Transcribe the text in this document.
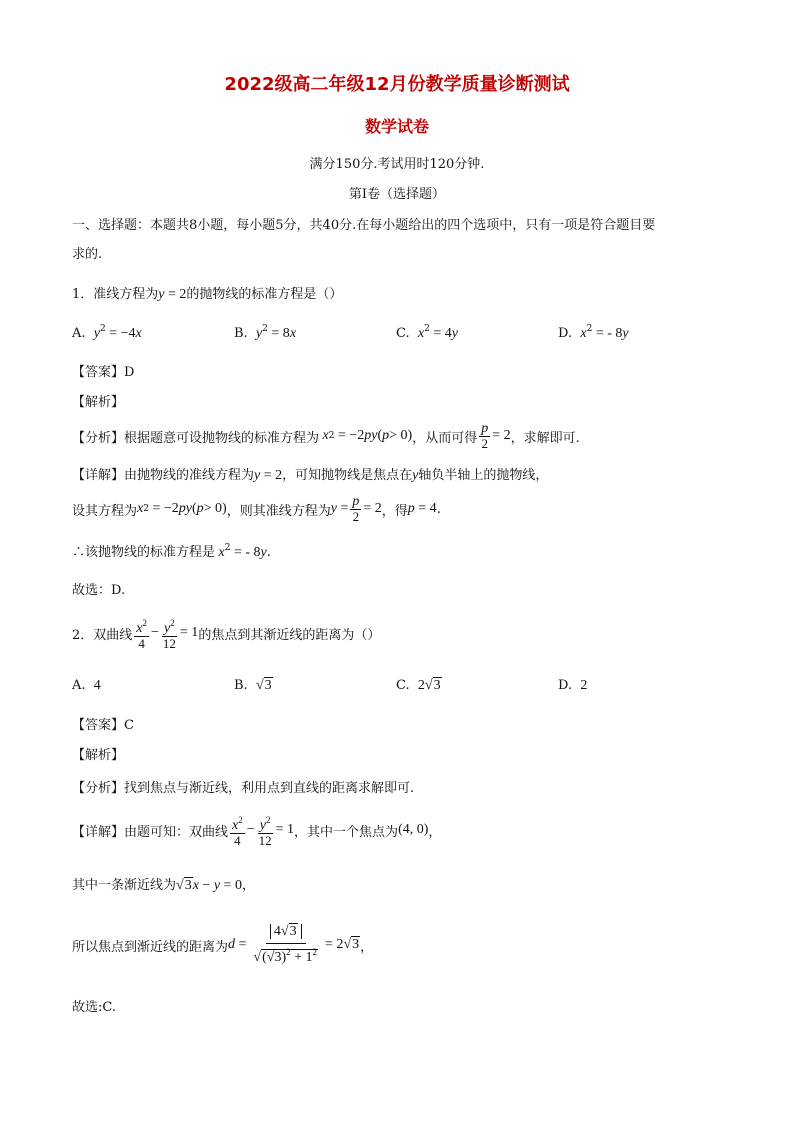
2022级高二年级12月份教学质量诊断测试
数学试卷
满分150分.考试用时120分钟.
第I卷（选择题）
一、选择题：本题共8小题，每小题5分，共40分.在每小题给出的四个选项中，只有一项是符合题目要
求的.
1．准线方程为y = 2的抛物线的标准方程是（）
A. $y^2 = -4x$	B. $y^2 = 8x$	C. $x^2 = 4y$	D. $x^2$ = - 8y
【答案】D
【解析】
【分析】根据题意可设抛物线的标准方程为 x 2 = −2 py ( p > 0) ，从而可得 $\frac{p}{2} = 2$ ，求解即可.
【详解】由抛物线的准线方程为y = 2，可知抛物线是焦点在y轴负半轴上的抛物线，
设其方程为 x 2 = −2 py ( p > 0) ，则其准线方程为 $y = \frac{p}{2} = 2$ ，得 p = 4 .
∴该抛物线的标准方程是 $x^2$ = - 8y.
故选：D.
2．双曲线 $\frac{x^2}{4} - \frac{y^2}{12} = 1$ 的焦点到其渐近线的距离为（）
A. 4	B. √3	C. 2√3	D. 2
【答案】C
【解析】
【分析】找到焦点与渐近线，利用点到直线的距离求解即可.
【详解】由题可知：双曲线 $\frac{x^2}{4} - \frac{y^2}{12} = 1$ ，其中一个焦点为 (4, 0) ，
其中一条渐近线为√3x − y = 0，
所以焦点到渐近线的距离为 $d = \frac{4√3}{√(√3)^2 + 1^2} = 2$ √3 ，
故选:C.
